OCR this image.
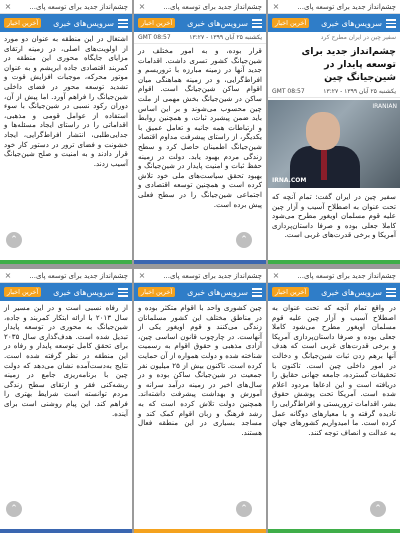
چشم‌انداز جدید برای توسعه پای...
×
سرویس‌های خبری
آخرین اخبار
سفیر چین در ایران مطرح کرد
چشم‌انداز جدید برای توسعه پایدار در شین‌جیانگ چین
یکشنبه ۲۵ آبان ۱۳۹۹ - ۱۳:۲۷
GMT 08:57
IRANIAN
IRNA.COM
سفیر چین در ایران گفت: تمام آنچه که تحت عنوان به اصطلاح آسیب و آزار چین علیه قوم مسلمان اویغور مطرح می‌شود کاملا جعلی بوده و صرفا داستان‌پردازی آمریکا و برخی قدرت‌های غربی است.
چشم‌انداز جدید برای توسعه پای...
×
سرویس‌های خبری
آخرین اخبار
یکشنبه ۲۵ آبان ۱۳۹۹ - ۱۳:۲۷
GMT 08:57
قرار بوده، و به امور مختلف در شین‌جیانگ کشور تسری داشت. اقدامات جدید آنها در زمینه مبارزه با تروریسم و افراط‌گرایی، و در زمینه هماهنگی میان اقوام ساکن شین‌جیانگ است. اقوام ساکن در شین‌جیانگ بخش مهمی از ملت چین محسوب می‌شوند و بر این اساس باید ضمن پیشبرد ثبات، و همچنین روابط و ارتباطات همه جانبه و تعامل عمیق با یکدیگر، از راستای پیشرفت مداوم اقتصاد شین‌جیانگ اطمینان حاصل کرد و سطح زندگی مردم بهبود یابد. دولت در زمینه حفظ ثبات و امنیت پایدار در شین‌جیانگ و بهبود تحقق سیاست‌های ملی خود تلاش کرده است و همچنین توسعه اقتصادی و اجتماعی شین‌جیانگ را در سطح فعلی پیش برده است.
⌃
چشم‌انداز جدید برای توسعه پای...
×
سرویس‌های خبری
آخرین اخبار
اشتغال در این منطقه به عنوان دو مورد از اولویت‌های اصلی، در زمینه ارتقای مزایای جایگاه محوری این منطقه در کمربند اقتصادی جاده ابریشم و به عنوان موتور محرکه، موجبات افزایش قوت و تشدید توسعه محور در فضای داخلی شین‌جیانگ را فراهم آورد. اما پیش از آن، دوران رکود نسبی در شین‌جیانگ با سوء استفاده از عوامل قومی و مذهبی، اقداماتی را در راستای ایجاد مسئله‌ها و جدایی‌طلبی، انتشار افراط‌گرایی، ایجاد خشونت و فضای ترور در دستور کار خود قرار دادند و به امنیت و صلح شین‌جیانگ آسیب زدند.
⌃
چشم‌انداز جدید برای توسعه پای...
×
سرویس‌های خبری
آخرین اخبار
در واقع تمام آنچه که تحت عنوان به اصطلاح آسیب و آزار چین علیه قوم مسلمان اویغور مطرح می‌شود کاملا جعلی بوده و صرفا داستان‌پردازی آمریکا و برخی قدرت‌های غربی است که هدف آنها برهم زدن ثبات شین‌جیانگ و دخالت در امور داخلی چین است. تاکنون با تحقیقات گسترده، جامعه جهانی حقایق را دریافته است و این ادعاها مردود اعلام شده است. آمریکا تحت پوشش حقوق بشر، اقدامات تروریستی و افراط‌گرایی را نادیده گرفته و با معیارهای دوگانه عمل کرده است. ما امیدواریم کشورهای جهان به عدالت و انصاف توجه کنند.
⌃
چشم‌انداز جدید برای توسعه پای...
×
سرویس‌های خبری
آخرین اخبار
چین کشوری واحد با اقوام متکثر بوده و در مناطق مختلف این کشور مسلمانان زندگی می‌کنند و قوم اویغور یکی از آنهاست. در چارچوب قانون اساسی چین، آزادی مذهبی و حقوق اقوام به رسمیت شناخته شده و دولت همواره از آن حمایت کرده است. تاکنون بیش از ۲۵ میلیون نفر جمعیت در شین‌جیانگ ساکن بوده و در سال‌های اخیر در زمینه درآمد سرانه و آموزش و بهداشت پیشرفت داشته‌اند. همچنین دولت تلاش کرده است که به رشد فرهنگ و زبان اقوام کمک کند و مساجد بسیاری در این منطقه فعال هستند.
⌃
چشم‌انداز جدید برای توسعه پای...
×
سرویس‌های خبری
آخرین اخبار
از رفاه نسبی است و در این مسیر از سال ۲۰۱۳ با ارائه ابتکار کمربند و جاده، شین‌جیانگ به محوری در توسعه پایدار تبدیل شده است. هدف‌گذاری سال ۲۰۳۵ برای تحقق کامل توسعه پایدار و رفاه در این منطقه در نظر گرفته شده است. نتایج به‌دست‌آمده نشان می‌دهد که دولت چین با برنامه‌ریزی جامع در زمینه ریشه‌کنی فقر و ارتقای سطح زندگی مردم توانسته است شرایط بهتری را فراهم کند. این پیام روشنی است برای آینده.
⌃
